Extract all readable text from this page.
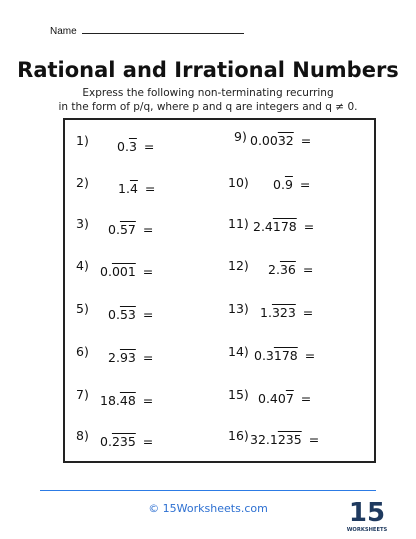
Name
Rational and Irrational Numbers
Express the following non-terminating recurring
in the form of p/q, where p and q are integers and q ≠ 0.
1) 0.3 =
2) 1.4 =
3) 0.57 =
4) 0.001 =
5) 0.53 =
6) 2.93 =
7) 18.48 =
8) 0.235 =
9) 0.0032 =
10) 0.9 =
11) 2.4178 =
12) 2.36 =
13) 1.323 =
14) 0.3178 =
15) 0.407 =
16) 32.1235 =
© 15Worksheets.com	15
WORKSHEETS
